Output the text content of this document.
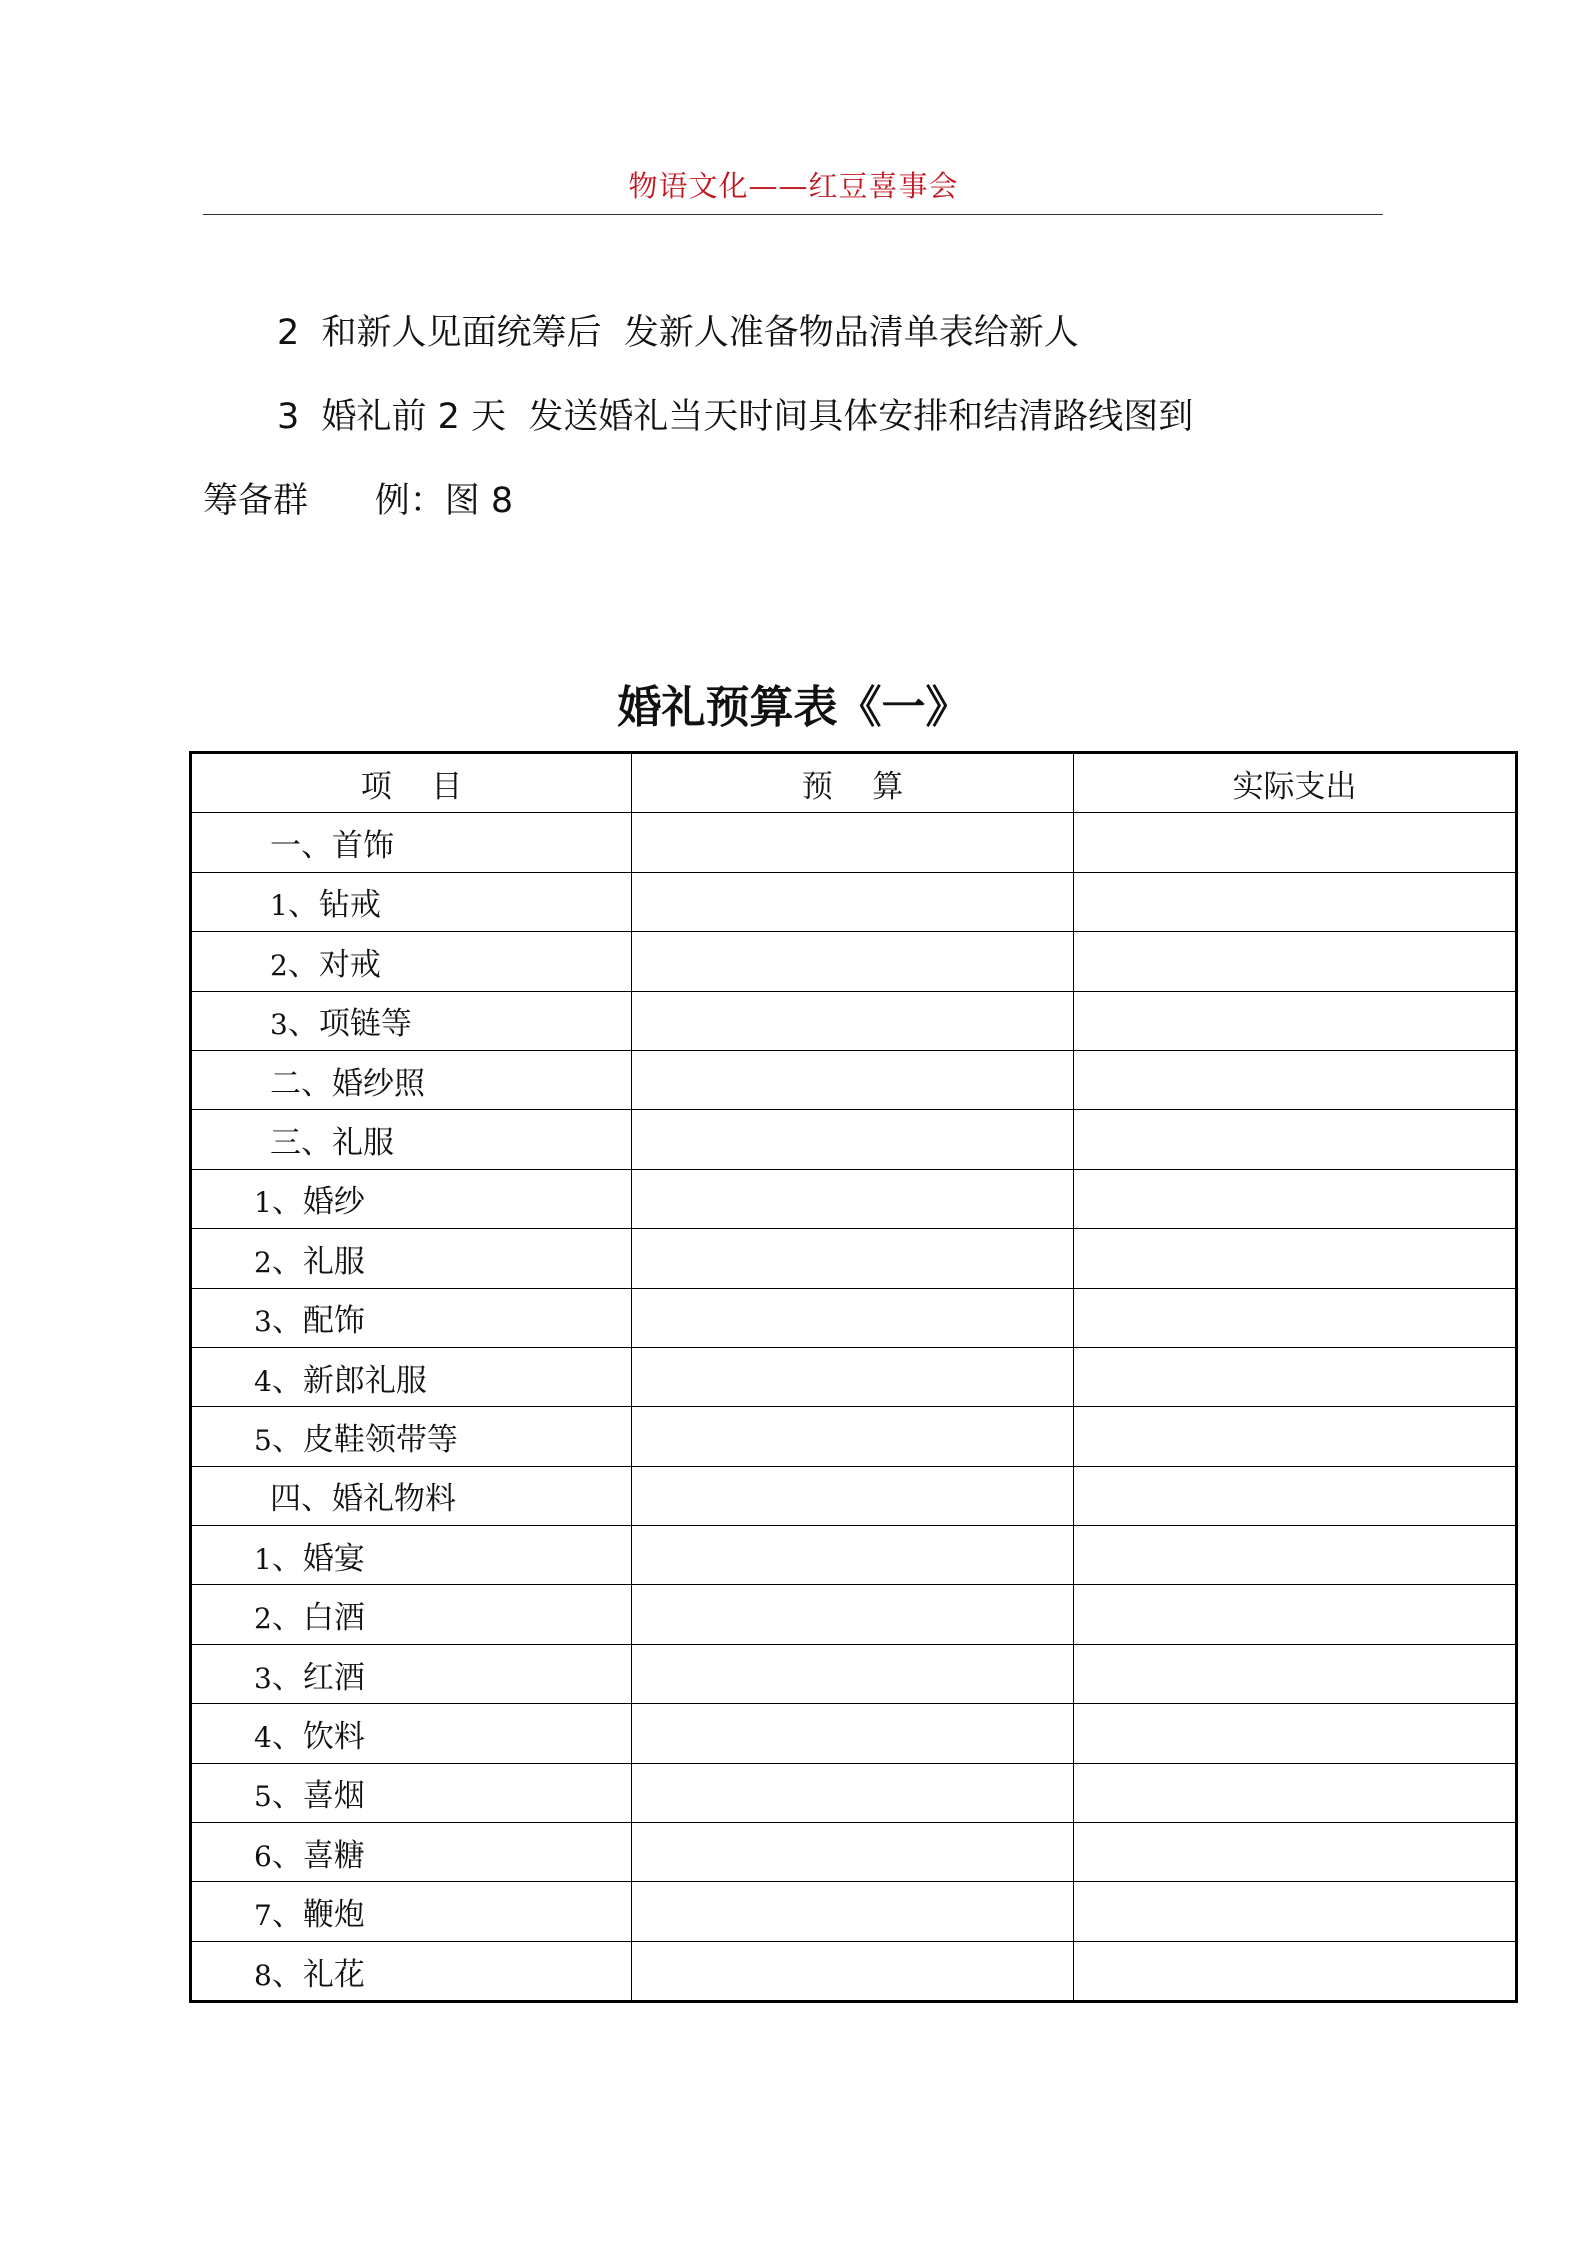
物语文化——红豆喜事会
2  和新人见面统筹后  发新人准备物品清单表给新人
3  婚礼前 2 天  发送婚礼当天时间具体安排和结清路线图到
筹备群      例：图 8
婚礼预算表《一》
项    目	预    算	实际支出

一、首饰		

1、钻戒		

2、对戒		

3、项链等		

二、婚纱照		

三、礼服		

1、婚纱		

2、礼服		

3、配饰		

4、新郎礼服		

5、皮鞋领带等		

四、婚礼物料		

1、婚宴		

2、白酒		

3、红酒		

4、饮料		

5、喜烟		

6、喜糖		

7、鞭炮		

8、礼花		
